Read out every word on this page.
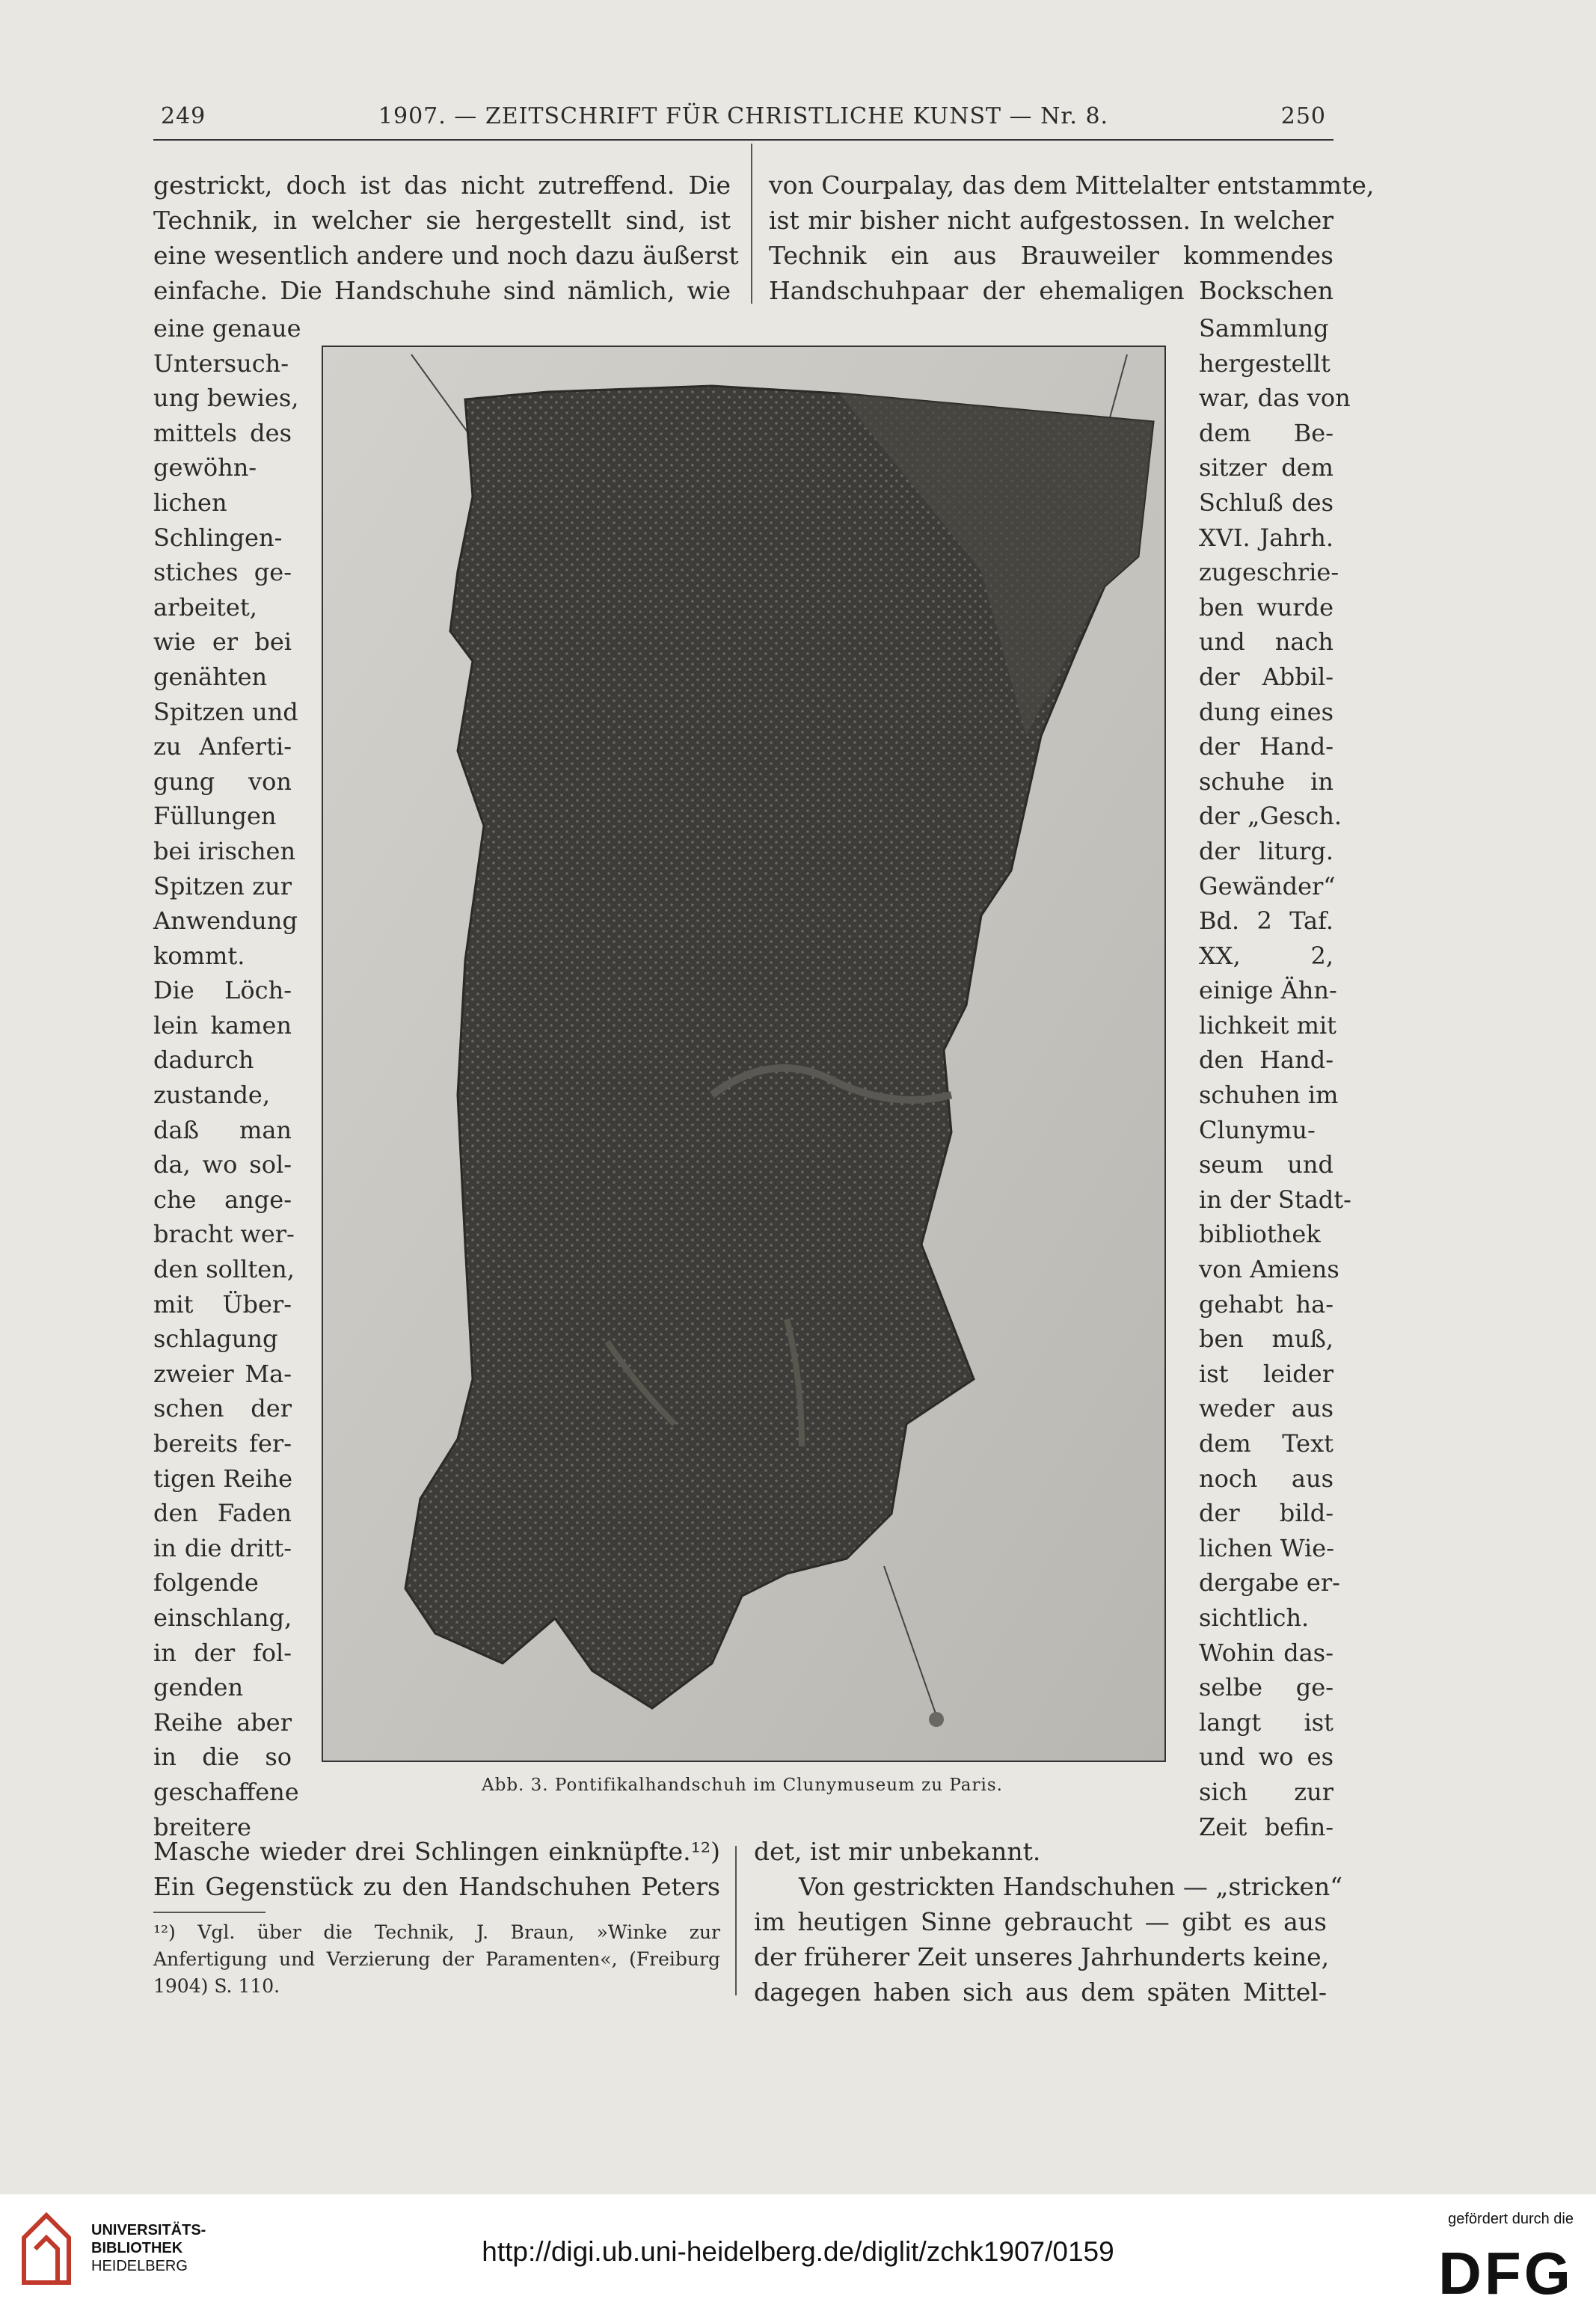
249	1907. — ZEITSCHRIFT FÜR CHRISTLICHE KUNST — Nr. 8.	250
gestrickt, doch ist das nicht zutreffend. Die
Technik, in welcher sie hergestellt sind, ist
eine wesentlich andere und noch dazu äußerst
einfache. Die Handschuhe sind nämlich, wie
von Courpalay, das dem Mittelalter entstammte,
ist mir bisher nicht aufgestossen. In welcher
Technik ein aus Brauweiler kommendes
Handschuhpaar der ehemaligen Bockschen
eine genaue
Untersuch-
ung bewies,
mittels des
gewöhn-
lichen
Schlingen-
stiches ge-
arbeitet,
wie er bei
genähten
Spitzen und
zu Anferti-
gung von
Füllungen
bei irischen
Spitzen zur
Anwendung
kommt.
Die Löch-
lein kamen
dadurch
zustande,
daß man
da, wo sol-
che ange-
bracht wer-
den sollten,
mit Über-
schlagung
zweier Ma-
schen der
bereits fer-
tigen Reihe
den Faden
in die dritt-
folgende
einschlang,
in der fol-
genden
Reihe aber
in die so
geschaffene
breitere
Sammlung
hergestellt
war, das von
dem Be-
sitzer dem
Schluß des
XVI. Jahrh.
zugeschrie-
ben wurde
und nach
der Abbil-
dung eines
der Hand-
schuhe in
der „Gesch.
der liturg.
Gewänder“
Bd. 2 Taf.
XX, 2,
einige Ähn-
lichkeit mit
den Hand-
schuhen im
Clunymu-
seum und
in der Stadt-
bibliothek
von Amiens
gehabt ha-
ben muß,
ist leider
weder aus
dem Text
noch aus
der bild-
lichen Wie-
dergabe er-
sichtlich.
Wohin das-
selbe ge-
langt ist
und wo es
sich zur
Zeit befin-
Abb. 3. Pontifikalhandschuh im Clunymuseum zu Paris.
Masche wieder drei Schlingen einknüpfte.¹²)
Ein Gegenstück zu den Handschuhen Peters
¹²) Vgl. über die Technik, J. Braun, »Winke zur
Anfertigung und Verzierung der Paramenten«, (Freiburg
1904) S. 110.
det, ist mir unbekannt.
Von gestrickten Handschuhen — „stricken“
im heutigen Sinne gebraucht — gibt es aus
der früherer Zeit unseres Jahrhunderts keine,
dagegen haben sich aus dem späten Mittel-
UNIVERSITÄTS-
BIBLIOTHEK
HEIDELBERG	http://digi.ub.uni-heidelberg.de/diglit/zchk1907/0159
gefördert durch die
DFG
